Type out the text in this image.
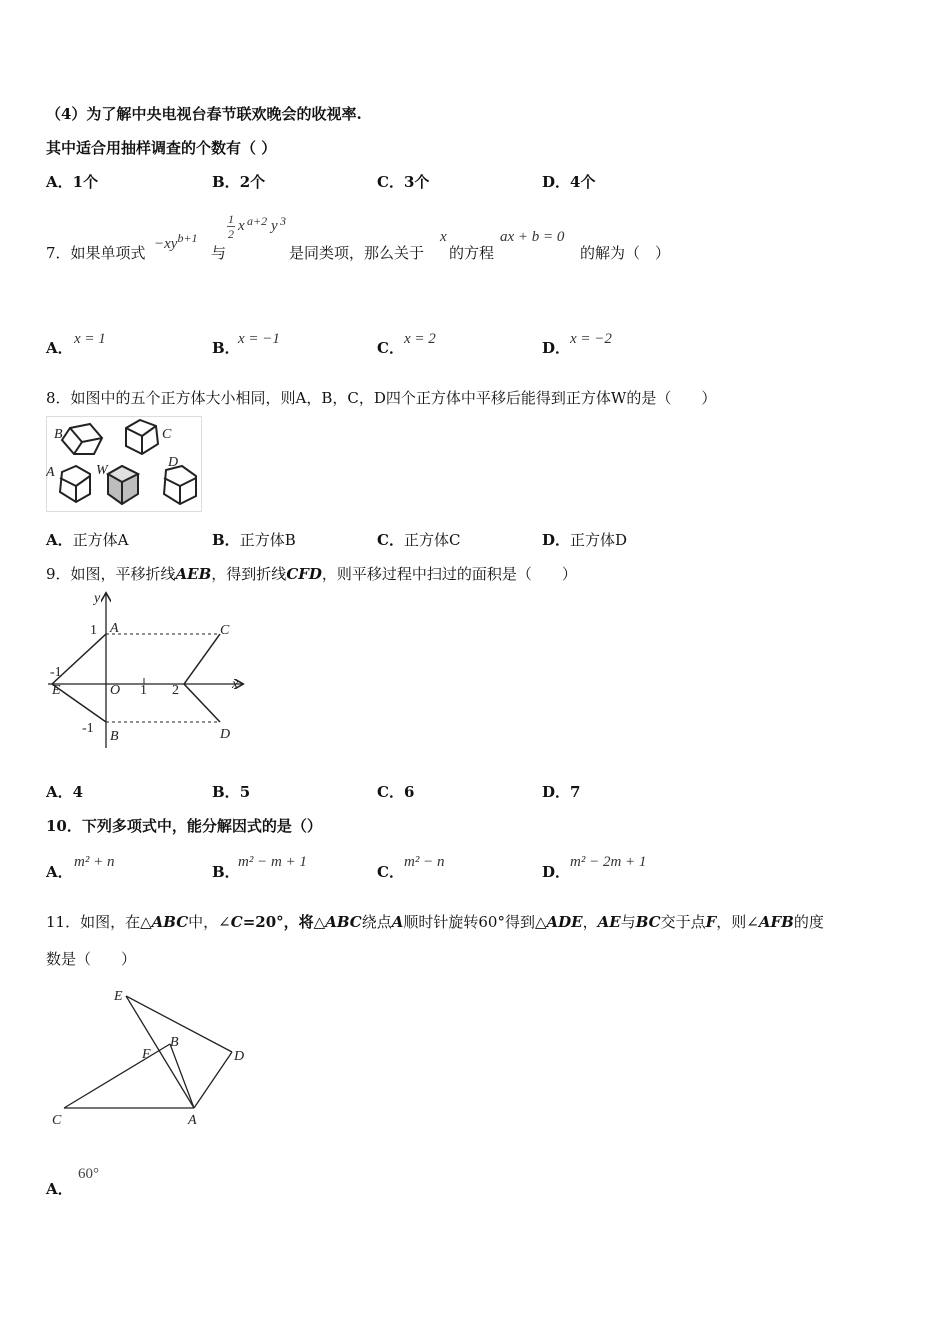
（4）为了解中央电视台春节联欢晚会的收视率.
其中适合用抽样调查的个数有（ ）
A．1个	B．2个	C．3个	D．4个
7．如果单项式 $-xy^{b+1}$
与
1
2 x a+2 y 3
是同类项，那么关于
x
的方程
ax + b = 0
的解为（　）
A． x = 1	B．
x = −1	C． x = 2	D． x = −2
8．如图中的五个正方体大小相同，则A，B，C，D四个正方体中平移后能得到正方体W的是（　　）
B	C
A	W
D
A．正方体A	B．正方体B	C．正方体C	D．正方体D
9．如图，平移折线AEB，得到折线CFD，则平移过程中扫过的面积是（　　）
y
x
A
B
C
D
E	O
1
-1
-1
1 2
A．4	B．5	C．6	D．7
10．下列多项式中，能分解因式的是（）
A．
m² + n
B．
m² − m + 1
C．
m² − n
D．
m² − 2m + 1
11．如图，在△ABC中，∠C=20°，将△ABC绕点A顺时针旋转60°得到△ADE，AE与BC交于点F，则∠AFB的度
数是（　　）
E
F
B
D
C	A
A．
60°
